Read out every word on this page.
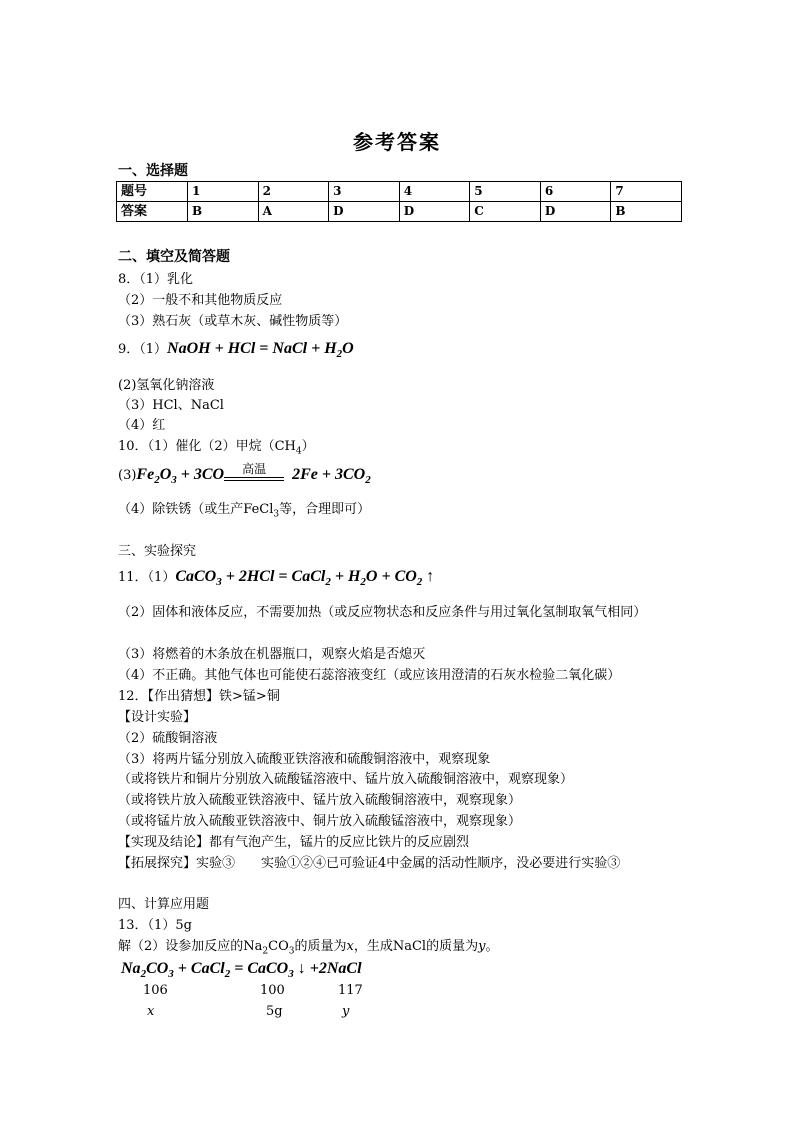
参考答案
一、选择题
题号	1	2	3	4	5	6	7
答案	B	A	D	D	C	D	B
二、填空及简答题
8．（1）乳化
（2）一般不和其他物质反应
（3）熟石灰（或草木灰、碱性物质等）
9．（1）NaOH + HCl = NaCl + $H_2O$
(2)氢氧化钠溶液
（3）HCl、NaCl
（4）红
10．（1）催化（2）甲烷$(CH_4)$
$(3)Fe_2O_3 + 3CO$ 高温 $2Fe + 3CO_2$
（4）除铁锈（或生产FeCl$_3$等，合理即可）
三、实验探究
11．（1）CaCO$_3$ + 2HCl = CaCl$_2$ + $H_2O + CO_2$ ↑
（2）固体和液体反应，不需要加热（或反应物状态和反应条件与用过氧化氢制取氧气相同）
（3）将燃着的木条放在机器瓶口，观察火焰是否熄灭
（4）不正确。其他气体也可能使石蕊溶液变红（或应该用澄清的石灰水检验二氧化碳）
12．【作出猜想】铁>锰>铜
【设计实验】
（2）硫酸铜溶液
（3）将两片锰分别放入硫酸亚铁溶液和硫酸铜溶液中，观察现象
（或将铁片和铜片分别放入硫酸锰溶液中、锰片放入硫酸铜溶液中，观察现象）
（或将铁片放入硫酸亚铁溶液中、锰片放入硫酸铜溶液中，观察现象）
（或将锰片放入硫酸亚铁溶液中、铜片放入硫酸锰溶液中，观察现象）
【实现及结论】都有气泡产生，锰片的反应比铁片的反应剧烈
【拓展探究】实验③　　实验①②④已可验证4中金属的活动性顺序，没必要进行实验③
四、计算应用题
13．（1）5g
解（2）设参加反应的$Na_2CO_3$的质量为x，生成NaCl的质量为y。
$Na_2CO_3$ + CaCl$_2$ = CaCO$_3$ ↓ +2NaCl
106	100	117
x	5g	y
